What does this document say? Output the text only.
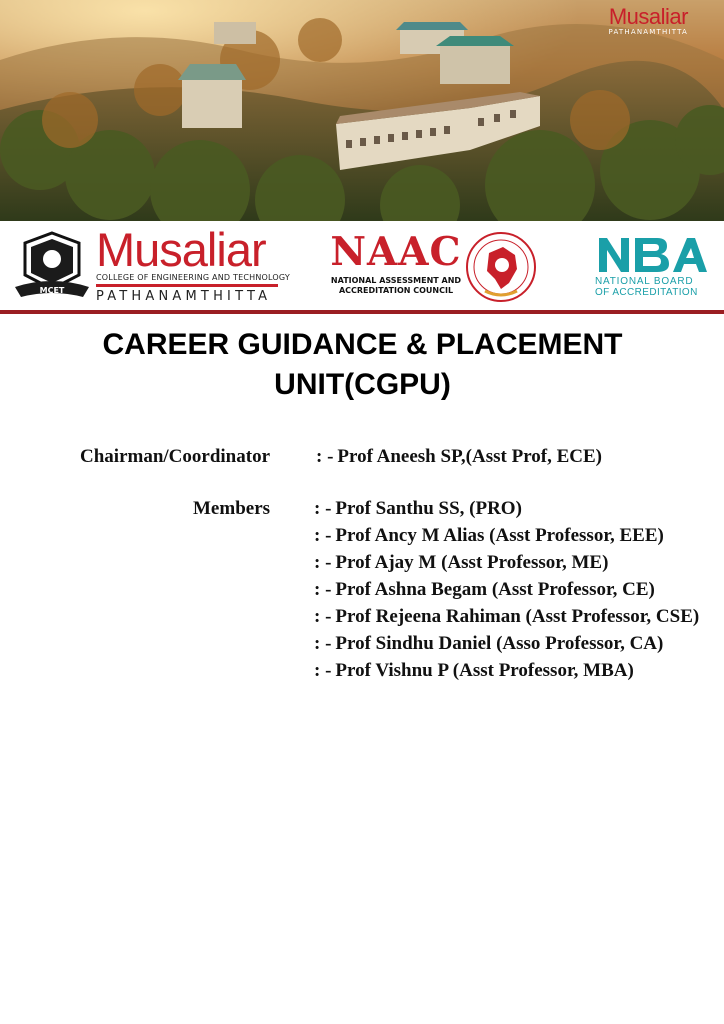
Musaliar
PATHANAMTHITTA
MCET
Musaliar
COLLEGE OF ENGINEERING AND TECHNOLOGY
PATHANAMTHITTA
NAAC
NATIONAL ASSESSMENT AND ACCREDITATION COUNCIL
NATIONAL BOARD
OF ACCREDITATION
CAREER GUIDANCE & PLACEMENT
UNIT(CGPU)
Chairman/Coordinator : - Prof Aneesh SP,(Asst Prof, ECE)
Members : - Prof Santhu SS, (PRO)
: - Prof Ancy M Alias (Asst Professor, EEE)
: - Prof Ajay M (Asst Professor, ME)
: - Prof Ashna Begam (Asst Professor, CE)
: - Prof Rejeena Rahiman (Asst Professor, CSE)
: - Prof Sindhu Daniel (Asso Professor, CA)
: - Prof Vishnu P (Asst Professor, MBA)
